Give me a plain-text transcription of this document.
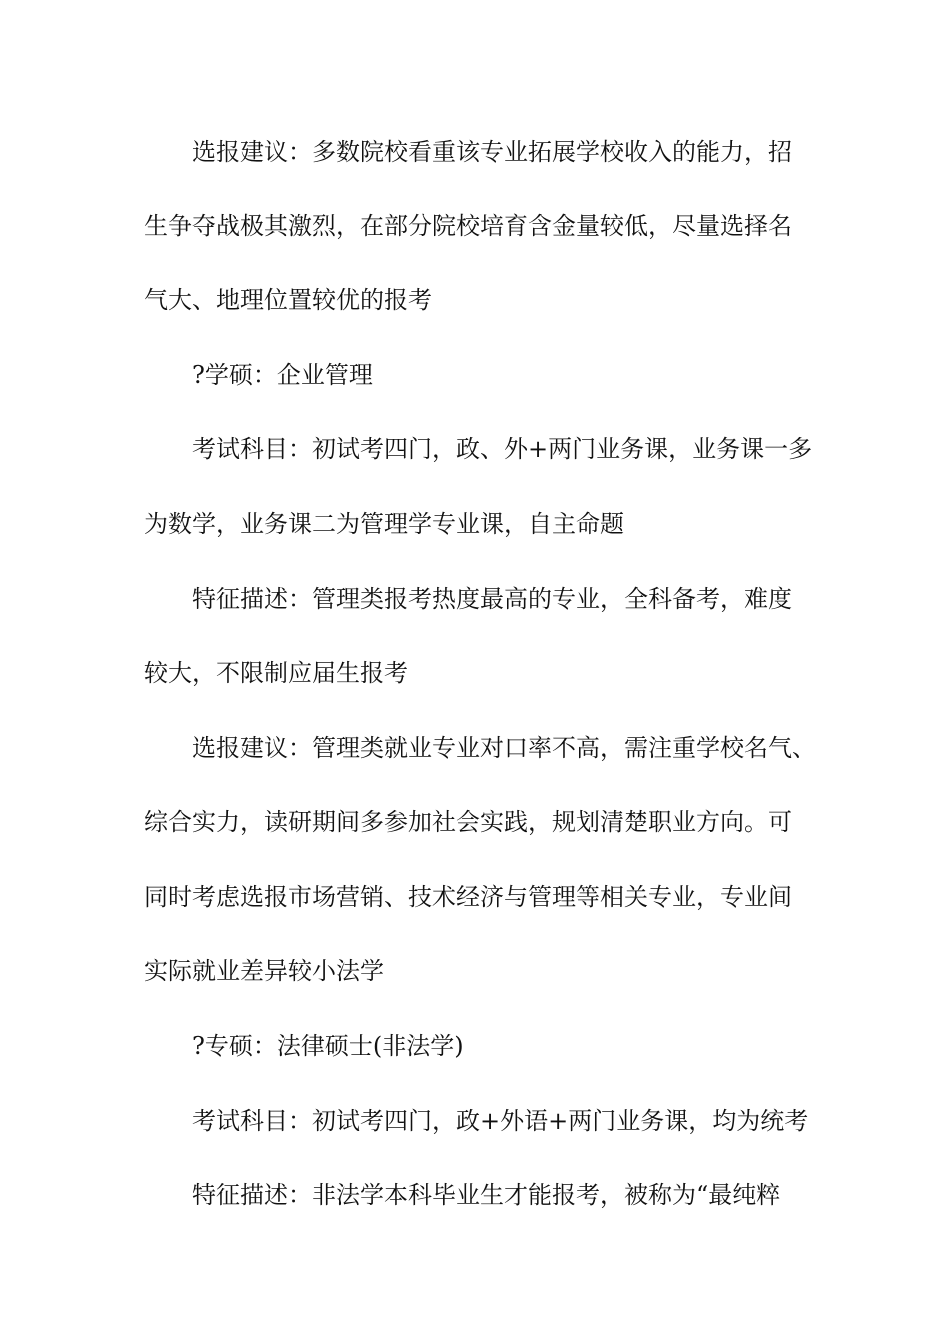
选报建议：多数院校看重该专业拓展学校收入的能力，招

生争夺战极其激烈，在部分院校培育含金量较低，尽量选择名

气大、地理位置较优的报考

?学硕：企业管理

考试科目：初试考四门，政、外+两门业务课，业务课一多

为数学，业务课二为管理学专业课，自主命题

特征描述：管理类报考热度最高的专业，全科备考，难度

较大，不限制应届生报考

选报建议：管理类就业专业对口率不高，需注重学校名气、

综合实力，读研期间多参加社会实践，规划清楚职业方向。可

同时考虑选报市场营销、技术经济与管理等相关专业，专业间

实际就业差异较小法学

?专硕：法律硕士(非法学)

考试科目：初试考四门，政+外语+两门业务课，均为统考

特征描述：非法学本科毕业生才能报考，被称为“最纯粹
